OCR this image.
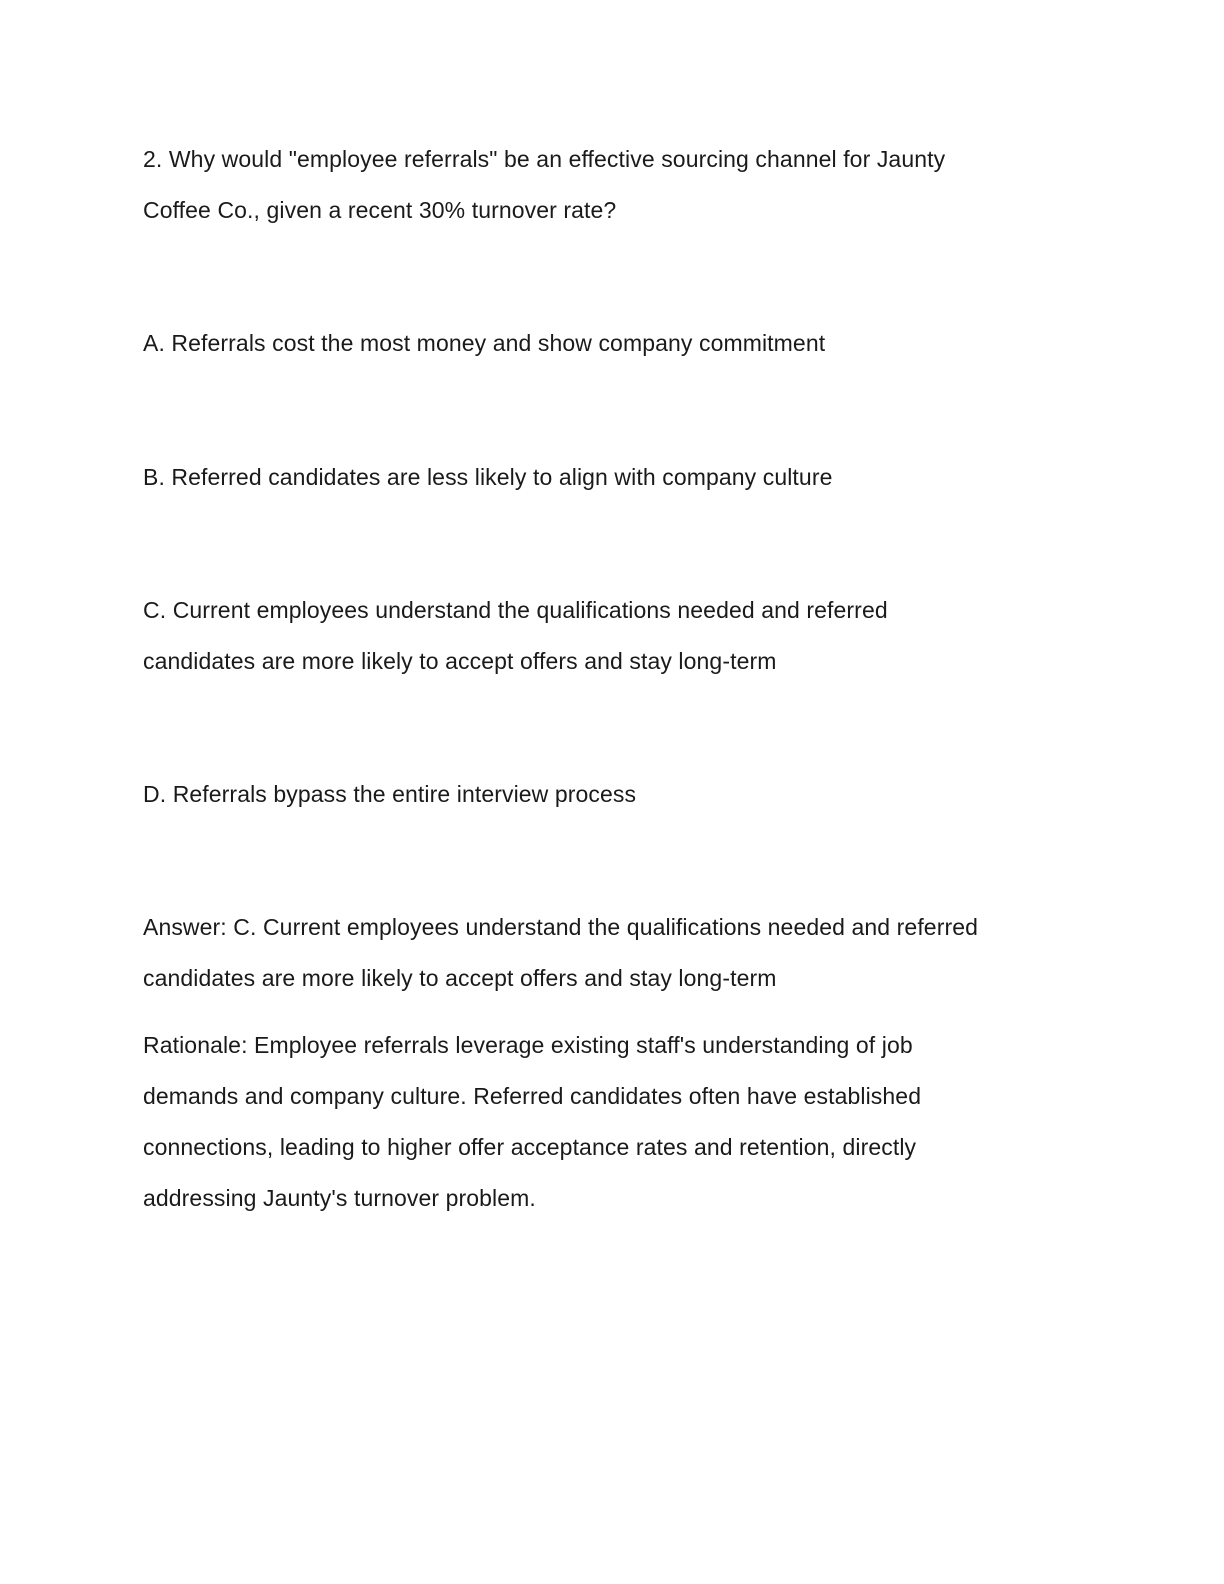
2. Why would "employee referrals" be an effective sourcing channel for Jaunty
Coffee Co., given a recent 30% turnover rate?
A. Referrals cost the most money and show company commitment
B. Referred candidates are less likely to align with company culture
C. Current employees understand the qualifications needed and referred
candidates are more likely to accept offers and stay long-term
D. Referrals bypass the entire interview process
Answer: C. Current employees understand the qualifications needed and referred
candidates are more likely to accept offers and stay long-term
Rationale: Employee referrals leverage existing staff's understanding of job
demands and company culture. Referred candidates often have established
connections, leading to higher offer acceptance rates and retention, directly
addressing Jaunty's turnover problem.
